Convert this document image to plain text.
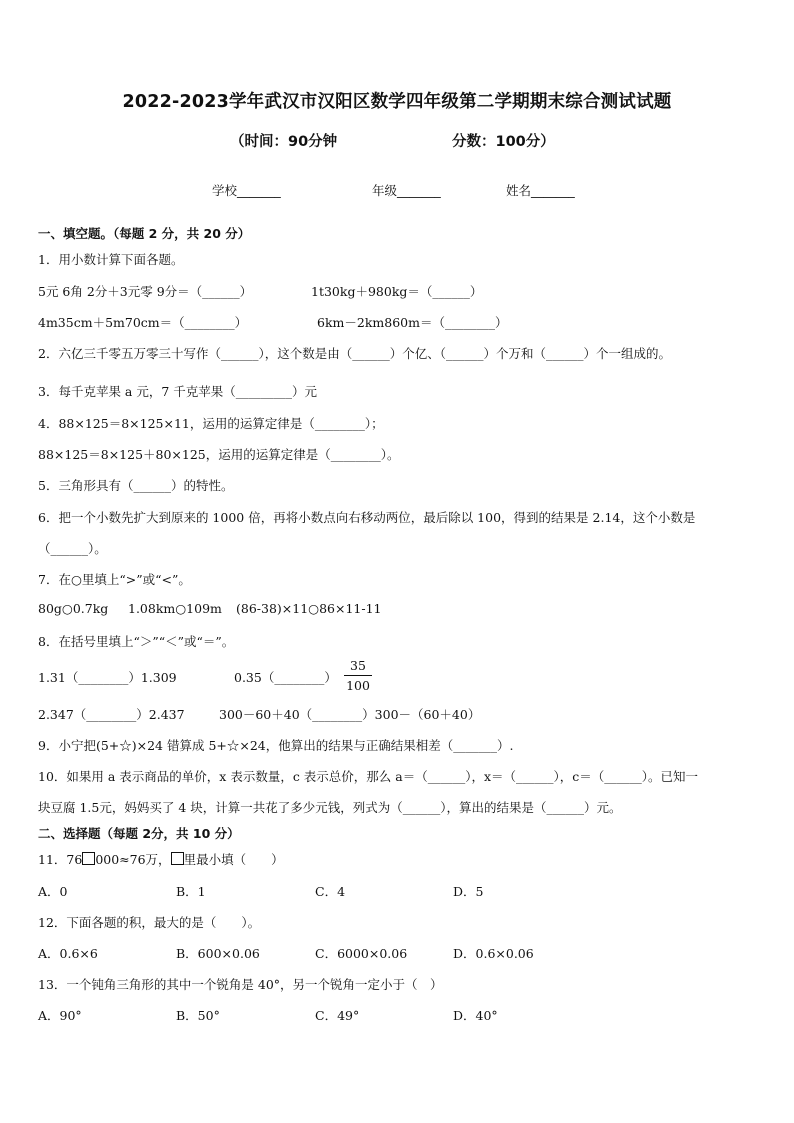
2022-2023学年武汉市汉阳区数学四年级第二学期期末综合测试试题
（时间：90分钟	分数：100分）
学校_______	年级_______	姓名_______
一、填空题。（每题 2 分，共 20 分）
1．用小数计算下面各题。
5元 6角 2分＋3元零 9分＝（______）	1t30kg＋980kg＝（______）
4m35cm＋5m70cm＝（________）	6km－2km860m＝（________）
2．六亿三千零五万零三十写作（______），这个数是由（______）个亿、（______）个万和（______）个一组成的。
3．每千克苹果 a 元，7 千克苹果（_________）元
4．88×125＝8×125×11，运用的运算定律是（________）；
88×125＝8×125＋80×125，运用的运算定律是（________）。
5．三角形具有（______）的特性。
6．把一个小数先扩大到原来的 1000 倍，再将小数点向右移动两位，最后除以 100，得到的结果是 2.14，这个小数是
（______）。
7．在○里填上“>”或“<”。
80g○0.7kg 1.08km○109m (86-38)×11○86×11-11
8．在括号里填上“＞”“＜”或“＝”。
1.31（________）1.309	0.35（________）
35
100
2.347（________）2.437	300－60＋40（________）300－（60＋40）
9．小宁把(5+☆)×24 错算成 5+☆×24，他算出的结果与正确结果相差（_______）.
10．如果用 a 表示商品的单价，x 表示数量，c 表示总价，那么 a＝（______），x＝（______），c＝（______）。已知一
块豆腐 1.5元，妈妈买了 4 块，计算一共花了多少元钱，列式为（______），算出的结果是（______）元。
二、选择题（每题 2分，共 10 分）
11．76 000≈76万， 里最小填（　　）
A．0	B．1	C．4	D．5
12．下面各题的积，最大的是（　　）。
A．0.6×6	B．600×0.06	C．6000×0.06	D．0.6×0.06
13．一个钝角三角形的其中一个锐角是 40°，另一个锐角一定小于（　）
A．90°	B．50°	C．49°	D．40°
